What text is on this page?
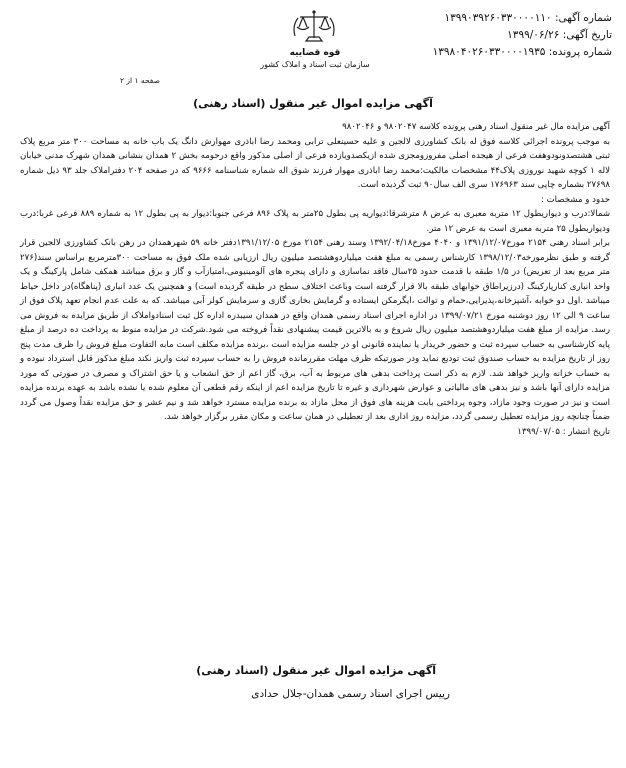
شماره آگهی: ۱۳۹۹۰۳۹۲۶۰۳۳۰۰۰۰۱۱۰
تاریخ آگهی: ۱۳۹۹/۰۶/۲۶
شماره پرونده: ۱۳۹۸۰۴۰۲۶۰۳۳۰۰۰۰۱۹۳۵
قوه قضاییه
سازمان ثبت اسناد و املاک کشور
صفحه ۱ از ۲
آگهی مزایده اموال غیر منقول (اسناد رهنی)

آگهی مزایده مال غیر منقول اسناد رهنی پرونده کلاسه ۹۸۰۲۰۴۷ و ۹۸۰۲۰۴۶

به موجب پرونده اجرائی کلاسه فوق له بانک کشاورزی لالجین و علیه حسینعلی ترابی ومحمد رضا اباذری مهوارش دانگ یک باب خانه به مساحت ۳۰۰ متر مربع پلاک ثبتی هشتصدونودوهفت فرعی از هیجده اصلی مفروزومجزی شده ازیکصدویازده فرعی از اصلی مذکور واقع درحومه بخش ۲ همدان بنشانی همدان شهرک مدنی خیابان لاله ۱ کوچه شهید نوروزی پلاک۴۴ مشخصات مالکیت:محمد رضا اباذری مهوار فرزند شوق اله شماره شناسنامه ۹۶۶۶ که در صفحه ۲۰۴ دفتراملاک جلد ۹۳ ذیل شماره ۲۷۶۹۸ بشماره چاپی سند ۱۷۶۹۶۳ سری الف سال۹۰ ثبت گردیده است.

حدود و مشخصات :

شمالا:درب و دیواریطول ۱۲ متربه معبری به عرض ۸ مترشرقا:دیواریه پی بطول ۲۵متر به پلاک ۸۹۶ فرعی جنوبا:دیوار به پی بطول ۱۲ به شماره ۸۸۹ فرعی غربا:درب ودیواربطول ۲۵ متربه معبری است به عرض ۱۲ متر.

برابر اسناد رهنی ۲۱۵۴ مورخ۱۳۹۱/۱۲/۰۷ و ۴۰۴۰ مورخ۱۳۹۲/۰۴/۱۸ وسند رهنی ۲۱۵۴ مورخ ۱۳۹۱/۱۲/۰۵دفتر خانه ۵۹ شهرهمدان در رهن بانک کشاورزی لالجین قرار گرفته و طبق نظرمورخه۱۳۹۸/۱۲/۰۳ کارشناس رسمی به مبلغ هفت میلیاردوهشتصد میلیون ریال ارزیابی شده ملک فوق به مساحت ۳۰۰مترمربع براساس سند(۲۷۶ متر مربع بعد از تعریض) در ۱/۵ طبقه با قدمت حدود ۲۵سال فاقد نماسازی و دارای پنجره های آلومینیومی،امتیازآب و گاز و برق میباشد همکف شامل پارکینگ و یک واحد انباری کنارپارکینگ (درزیراطاق خوابهای طبقه بالا قرار گرفته است وباعث اختلاف سطح در طبقه گردیده است) و همچنین یک عدد انباری (پناهگاه)در داخل حیاط میباشد .اول دو خوابه ،آشپزخانه،پذیرایی،حمام و توالت ،ایگرمکن ایستاده و گرمایش بخاری گازی و سرمایش کولر آبی میباشد. که به علت عدم انجام تعهد پلاک فوق از ساعت ۹ الی ۱۲ روز دوشنبه مورخ ۱۳۹۹/۰۷/۲۱ در اداره اجرای اسناد رسمی همدان واقع در همدان سیبدره اداره کل ثبت اسنادواملاک از طریق مزایده به فروش می رسد. مزایده از مبلغ هفت میلیاردوهشتصد میلیون ریال شروع و به بالاترین قیمت پیشنهادی نقداً فروخته می شود.شرکت در مزایده منوط به پرداخت ده درصد از مبلغ پایه کارشناسی به حساب سپرده ثبت و حضور خریدار یا نماینده قانونی او در جلسه مزایده است ،برنده مزایده مکلف است مابه التفاوت مبلغ فروش را ظرف مدت پنج روز از تاریخ مزایده به حساب صندوق ثبت تودیع نماید ودر صورتیکه ظرف مهلت مقررمانده فروش را به حساب سپرده ثبت واریز نکند مبلغ مذکور قابل استرداد نبوده و به حساب خزانه واریز خواهد شد. لازم به ذکر است پرداخت بدهی های مربوط به آب، برق، گاز اعم از حق انشعاب و یا حق اشتراک و مصرف در صورتی که مورد مزایده دارای آنها باشد و نیز بدهی های مالیاتی و عوارض شهرداری و غیره تا تاریخ مزایده اعم از اینکه رقم قطعی آن معلوم شده یا نشده باشد به عهده برنده مزایده است و نیز در صورت وجود مازاد، وجوه پرداختی بابت هزینه های فوق از محل مازاد به برنده مزایده مسترد خواهد شد و نیم عشر و حق مزایده نقداً وصول می گردد ضمناً چنانچه روز مزایده تعطیل رسمی گردد، مزایده روز اداری بعد از تعطیلی در همان ساعت و مکان مقرر برگزار خواهد شد.

تاریخ انتشار : ۱۳۹۹/۰۷/۰۵

آگهی مزایده اموال غیر منقول (اسناد رهنی)
رییس اجرای اسناد رسمی همدان-جلال حدادی
